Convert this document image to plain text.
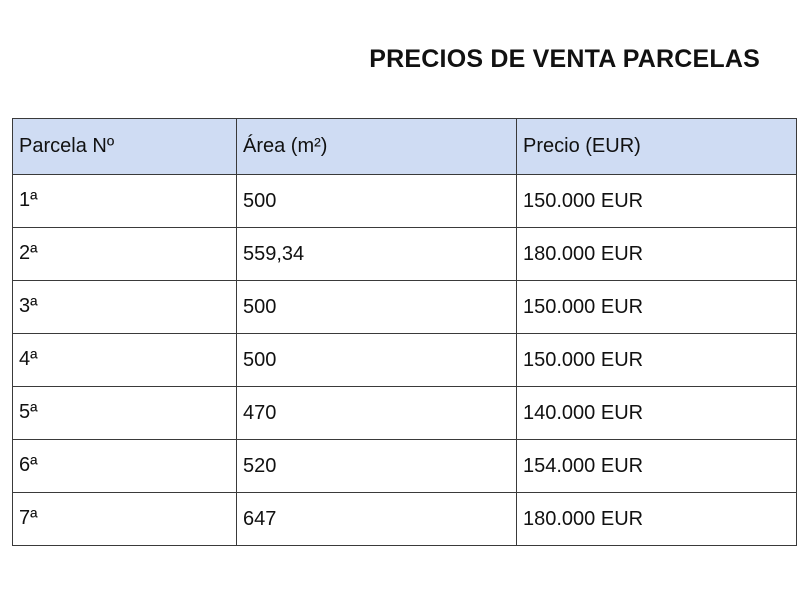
PRECIOS DE VENTA PARCELAS
Parcela Nº	Área (m²)	Precio (EUR)
1ª	500	150.000 EUR
2ª	559,34	180.000 EUR
3ª	500	150.000 EUR
4ª	500	150.000 EUR
5ª	470	140.000 EUR
6ª	520	154.000 EUR
7ª	647	180.000 EUR
